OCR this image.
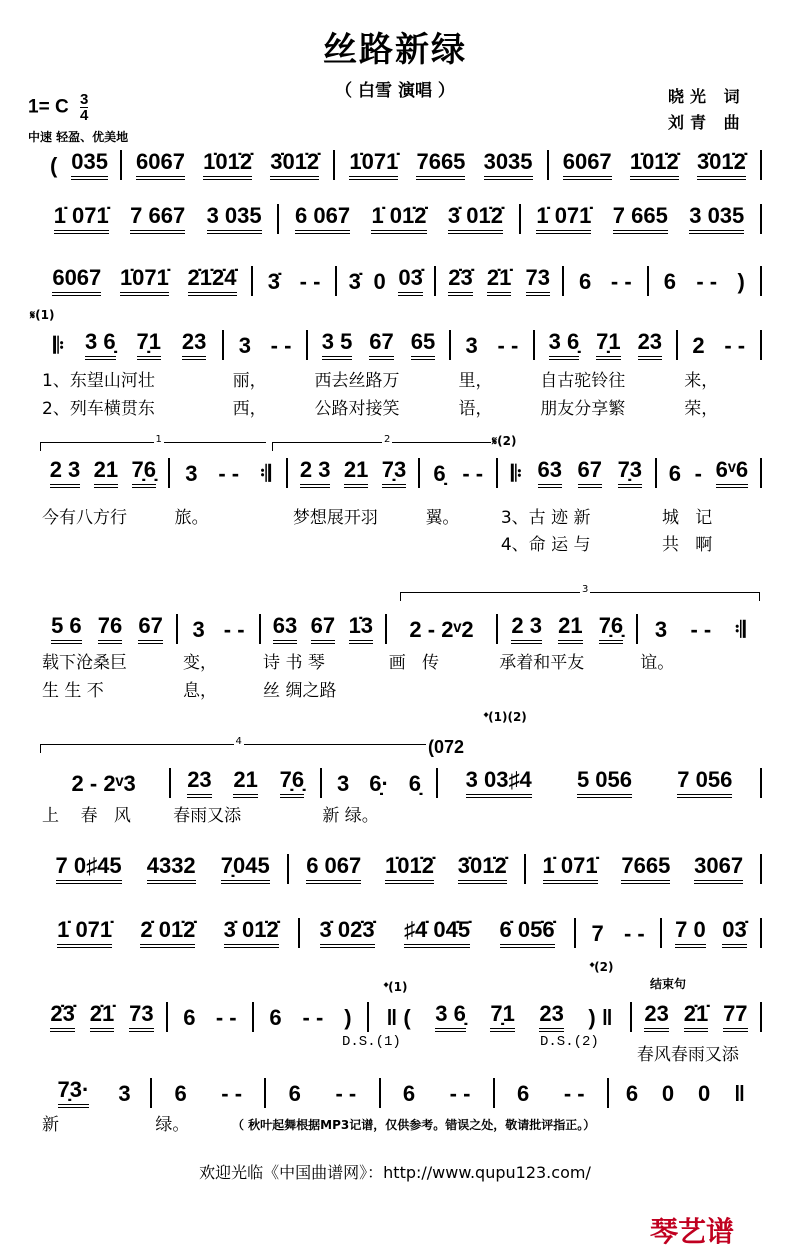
丝路新绿
（ 白雪 演唱 ）	晓光 词
刘青 曲
1= C $\frac{3}{4}$
中速 轻盈、优美地
( 035 6067 1̇01̇2̇ 3̇01̇2̇ 1̇071̇ 7665 3035 6067 1̇01̇2̇ 3̇01̇2̇
1̇ 071̇ 7 667 3 035 6 067 1̇ 01̇2̇ 3̇ 01̇2̇ 1̇ 071̇ 7 665 3 035
6067 1̇071̇ 2̇1̇2̇4̇ 3̇ - - 3̇ 0 03̇ 2̇3̇ 2̇1̇ 73 6 - - 6 - - )
𝄆 3 6̣ 7̣1 23 3 - - 3 5 67 65 3 - - 3 6̣ 7̣1 23 2 - -
2 3 21 7̣6̣ 3 - - 𝄇 2 3 21 7̣3 6̣ - - 𝄆 63 67 7̣3 6 - 6ᵛ6
5 6 76 67 3 - - 63 67 1̇3 2 - 2ᵛ2 2 3 21 7̣6̣ 3 - - 𝄇
2 - 2ᵛ3 23 21 7̣6̣ 3 6̣· 6̣ 3 03♯4 5 056 7 056
7 0♯45 4332 7̣045 6 067 1̇01̇2̇ 3̇01̇2̇ 1̇ 071̇ 7665 3067
1̇ 071̇ 2̇ 01̇2̇ 3̇ 01̇2̇ 3̇ 02̇3̇ ♯4̇ 04̇5̇ 6̇ 05̇6̇ 7 - - 7 0 03̇
2̇3̇ 2̇1̇ 73 6 - - 6 - - ) ‖ ( 3 6̣ 7̣1 23 ) ‖ 23 2̇1̇ 77
7̣3· 3 6 - - 6 - - 6 - - 6 - - 6 0 0 ‖
1、东望山河壮	丽，	西去丝路万	里，	自古驼铃往	来，
2、列车横贯东	西，	公路对接笑	语，	朋友分享繁	荣，
今有八方行	旅。	梦想展开羽	翼。	3、古 迹 新	城   记
4、命 运 与	共   啊
载下沧桑巨	变，	诗 书 琴	画   传	承着和平友	谊。
生 生 不	息，	丝 绸之路
上    春   风	春雨又添	新 绿。
春风春雨又添
新	绿。
1	2
3
4
𝄋(1)
𝄋(2)
𝄌(1)(2)
(072
𝄌(1)
𝄌(2)
结束句
D.S.(1)	D.S.(2)
（ 秋叶起舞根据MP3记谱，仅供参考。错误之处，敬请批评指正。）
欢迎光临《中国曲谱网》：http://www.qupu123.com/
琴艺谱
